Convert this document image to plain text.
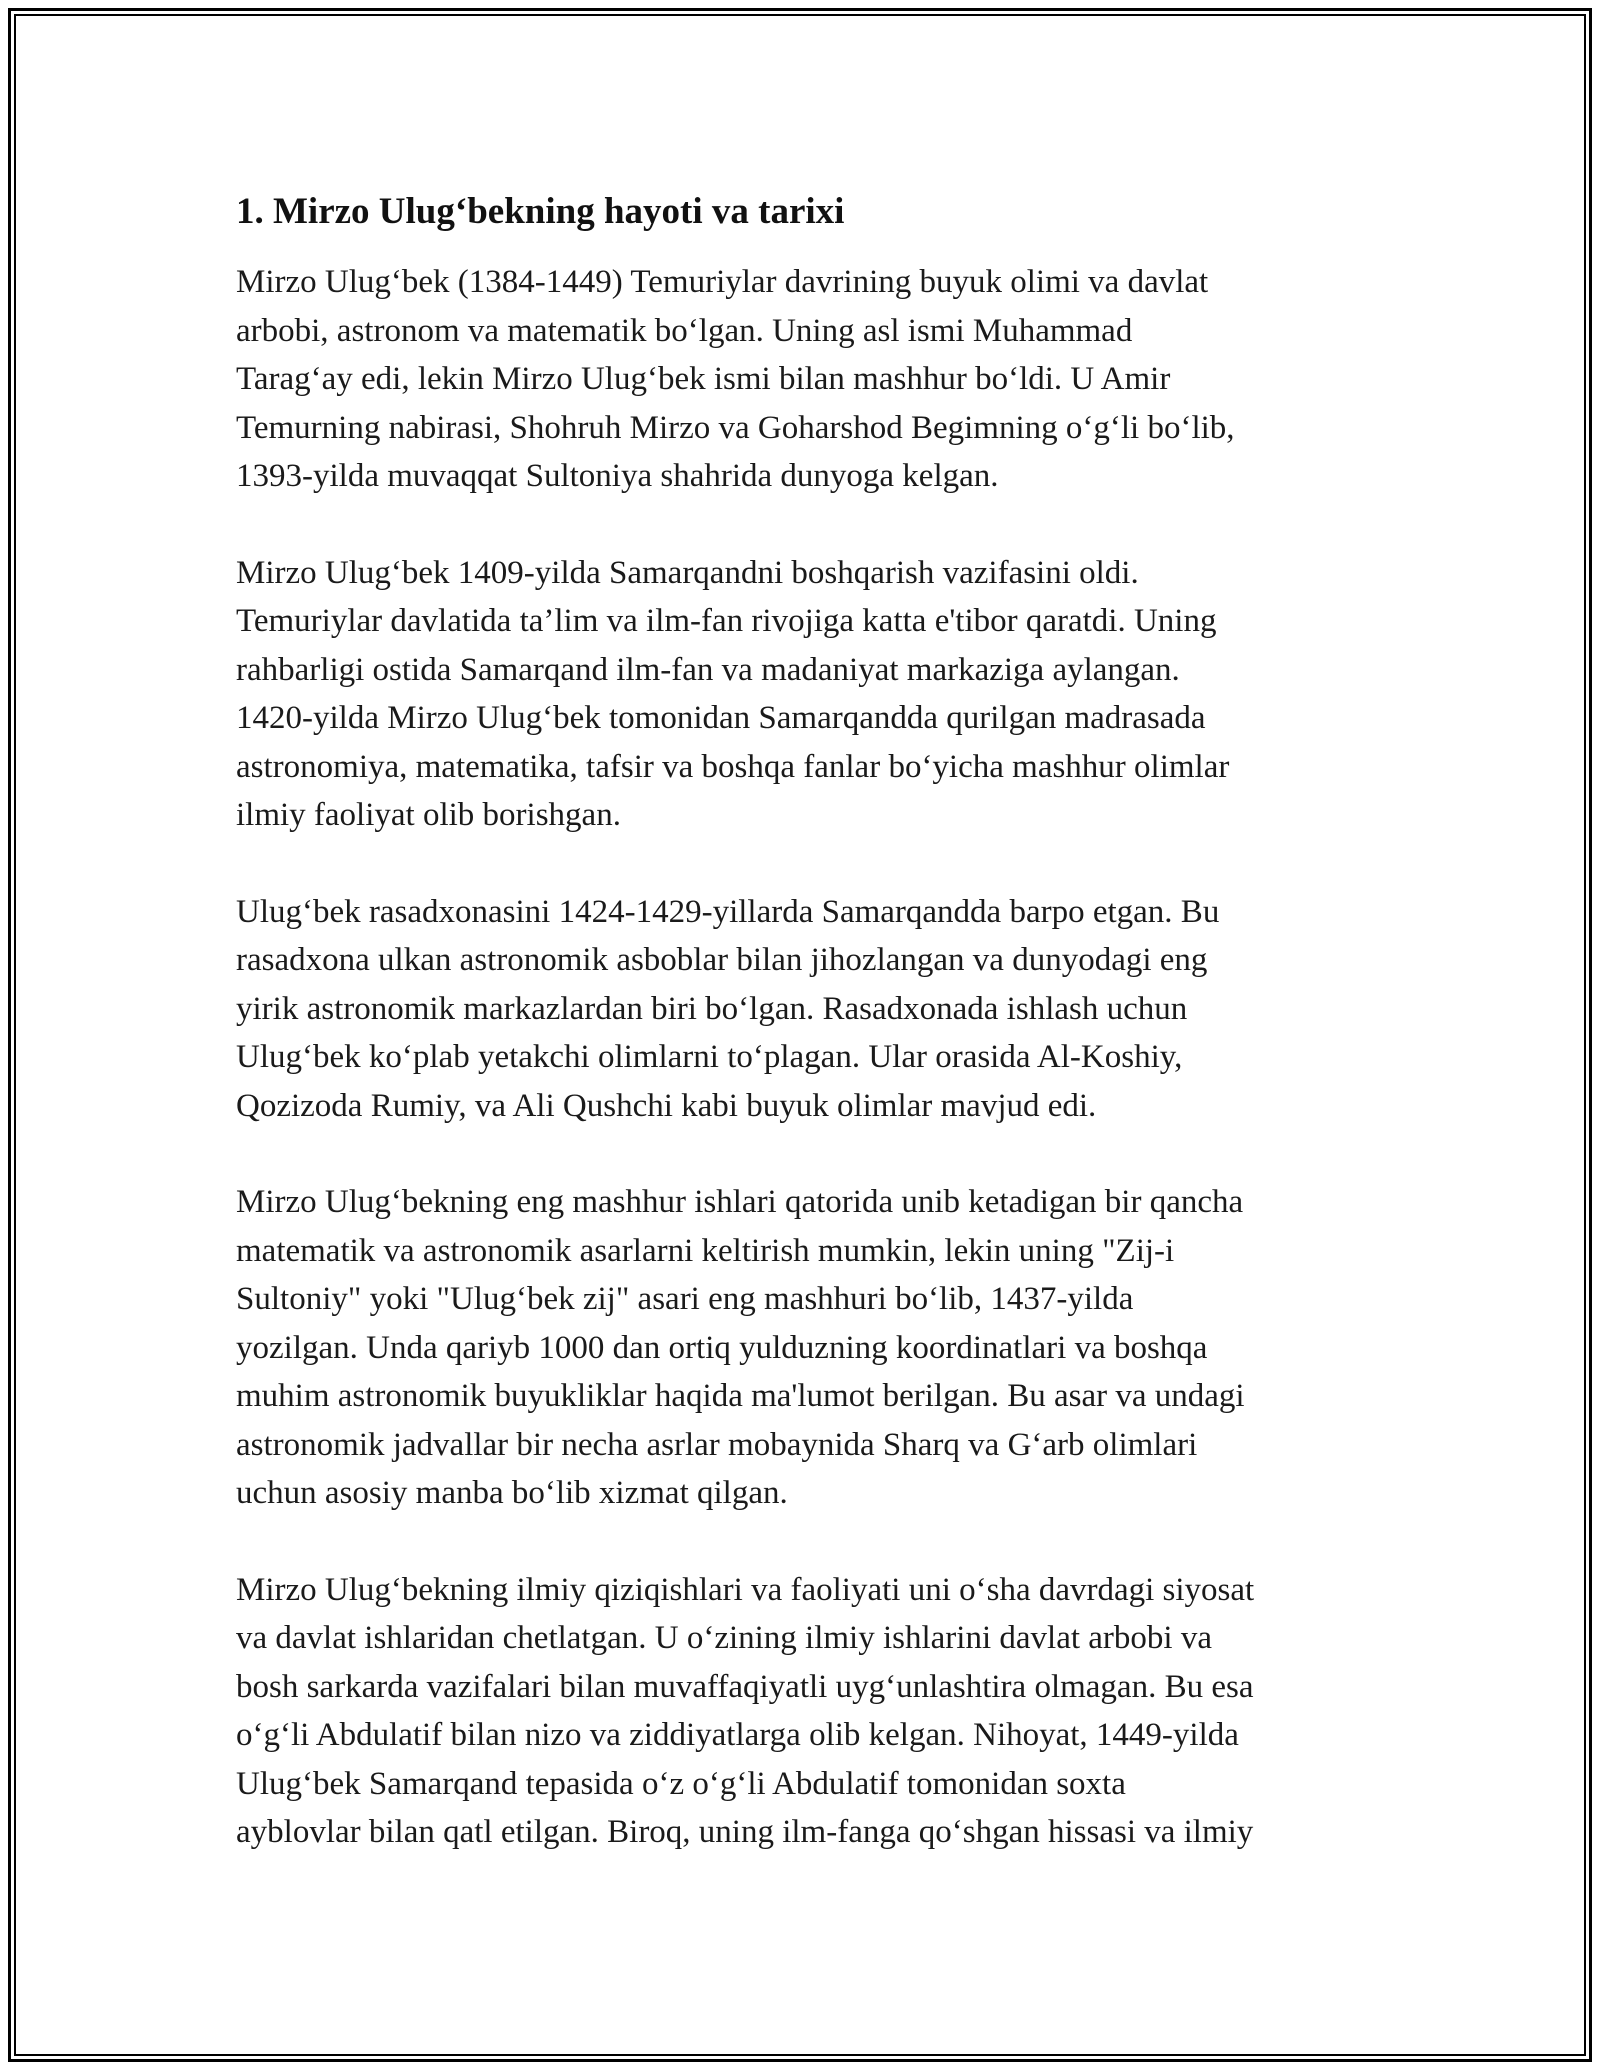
1. Mirzo Ulug‘bekning hayoti va tarixi

Mirzo Ulug‘bek (1384-1449) Temuriylar davrining buyuk olimi va davlat
arbobi, astronom va matematik bo‘lgan. Uning asl ismi Muhammad
Tarag‘ay edi, lekin Mirzo Ulug‘bek ismi bilan mashhur bo‘ldi. U Amir
Temurning nabirasi, Shohruh Mirzo va Goharshod Begimning o‘g‘li bo‘lib,
1393-yilda muvaqqat Sultoniya shahrida dunyoga kelgan.

Mirzo Ulug‘bek 1409-yilda Samarqandni boshqarish vazifasini oldi.
Temuriylar davlatida ta’lim va ilm-fan rivojiga katta e'tibor qaratdi. Uning
rahbarligi ostida Samarqand ilm-fan va madaniyat markaziga aylangan.
1420-yilda Mirzo Ulug‘bek tomonidan Samarqandda qurilgan madrasada
astronomiya, matematika, tafsir va boshqa fanlar bo‘yicha mashhur olimlar
ilmiy faoliyat olib borishgan.

Ulug‘bek rasadxonasini 1424-1429-yillarda Samarqandda barpo etgan. Bu
rasadxona ulkan astronomik asboblar bilan jihozlangan va dunyodagi eng
yirik astronomik markazlardan biri bo‘lgan. Rasadxonada ishlash uchun
Ulug‘bek ko‘plab yetakchi olimlarni to‘plagan. Ular orasida Al-Koshiy,
Qozizoda Rumiy, va Ali Qushchi kabi buyuk olimlar mavjud edi.

Mirzo Ulug‘bekning eng mashhur ishlari qatorida unib ketadigan bir qancha
matematik va astronomik asarlarni keltirish mumkin, lekin uning "Zij-i
Sultoniy" yoki "Ulug‘bek zij" asari eng mashhuri bo‘lib, 1437-yilda
yozilgan. Unda qariyb 1000 dan ortiq yulduzning koordinatlari va boshqa
muhim astronomik buyukliklar haqida ma'lumot berilgan. Bu asar va undagi
astronomik jadvallar bir necha asrlar mobaynida Sharq va G‘arb olimlari
uchun asosiy manba bo‘lib xizmat qilgan.

Mirzo Ulug‘bekning ilmiy qiziqishlari va faoliyati uni o‘sha davrdagi siyosat
va davlat ishlaridan chetlatgan. U o‘zining ilmiy ishlarini davlat arbobi va
bosh sarkarda vazifalari bilan muvaffaqiyatli uyg‘unlashtira olmagan. Bu esa
o‘g‘li Abdulatif bilan nizo va ziddiyatlarga olib kelgan. Nihoyat, 1449-yilda
Ulug‘bek Samarqand tepasida o‘z o‘g‘li Abdulatif tomonidan soxta
ayblovlar bilan qatl etilgan. Biroq, uning ilm-fanga qo‘shgan hissasi va ilmiy
